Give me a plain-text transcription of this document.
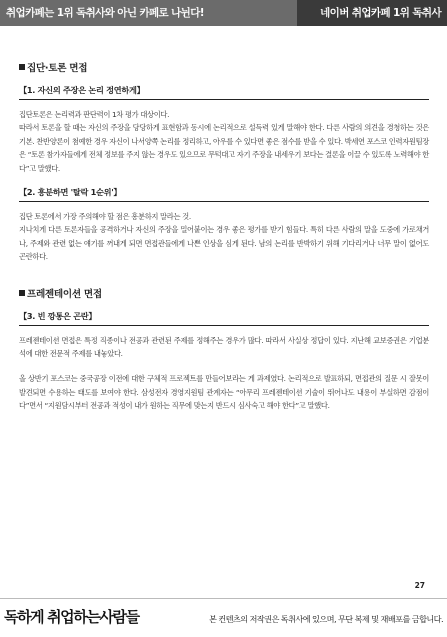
취업카페는 1위 독취사와 아닌 카페로 나뉜다!	네이버 취업카페 1위 독취사

집단·토론 면접

【1. 자신의 주장은 논리 정연하게】

집단토론은 논리력과 판단력이 1차 평가 대상이다.

따라서 토론을 할 때는 자신의 주장을 당당하게 표현함과 동시에 논리적으로 설득력 있게 말해야 한다. 다른 사람의 의견을 경청하는 것은 기본. 찬반양론이 첨예한 경우 자신이 나서양쪽 논리를 정리하고, 아우를 수 있다면 좋은 점수를 받을 수 있다. 박세연 포스코 인력자원팀장은 “토론 참가자들에게 전체 정보를 주지 않는 경우도 있으므로 무턱대고 자기 주장을 내세우기 보다는 결론을 이끌 수 있도록 노력해야 한다”고 말했다.

【2. 흥분하면 '탈락 1순위'】

집단 토론에서 가장 주의해야 할 점은 흥분하지 말라는 것.

지나치게 다른 토론자들을 공격하거나 자신의 주장을 밀어붙이는 경우 좋은 평가를 받기 힘들다. 특히 다른 사람의 말을 도중에 가로채거나, 주제와 관련 없는 얘기를 꺼내게 되면 면접관들에게 나쁜 인상을 심게 된다. 남의 논리를 반박하기 위해 기다리거나 너무 말이 없어도 곤란하다.

프레젠테이션 면접

【3. 빈 깡통은 곤란】

프레젠테이션 면접은 특정 직종이나 전공과 관련된 주제를 정해주는 경우가 많다. 따라서 사실상 정답이 있다. 지난해 교보증권은 기업분석에 대한 전문적 주제를 내놓았다.

올 상반기 포스코는 중국공장 이전에 대한 구체적 프로젝트를 만들어보라는 게 과제였다. 논리적으로 발표하되, 면접관의 질문 시 잘못이 발견되면 수용하는 태도를 보여야 한다. 삼성전자 경영지원팀 관계자는 “아무리 프레젠테이션 기술이 뛰어나도 내용이 부실하면 감점이다”면서 “지원담시부터 전공과 적성이 내가 원하는 직무에 맞는지 반드시 심사숙고 해야 한다”고 말했다.

27
독하게 취업하는사람들	본 컨텐츠의 저작권은 독취사에 있으며, 무단 복제 및 재배포를 금합니다.
